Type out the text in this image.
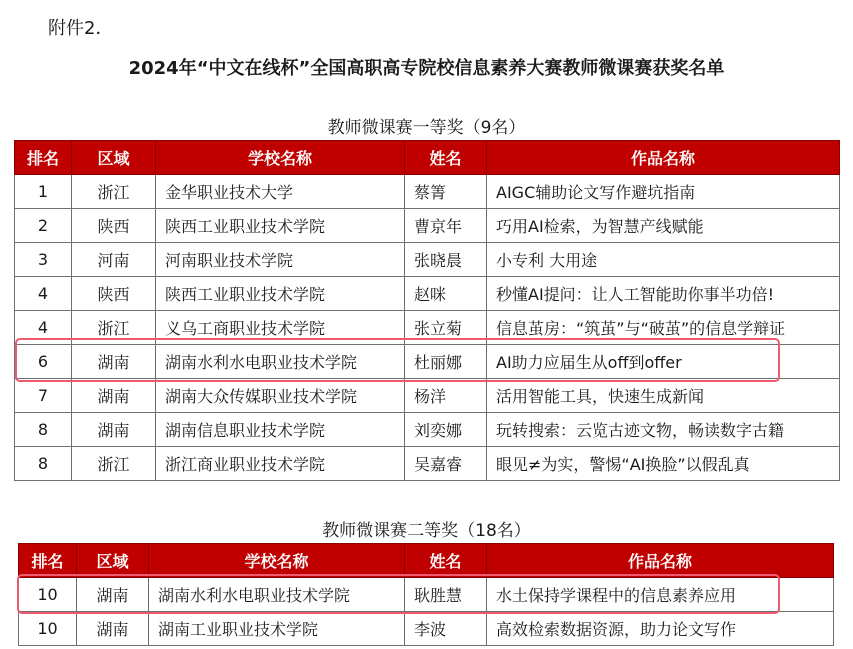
附件2．
2024年“中文在线杯”全国高职高专院校信息素养大赛教师微课赛获奖名单
教师微课赛一等奖（9名）
排名	区域	学校名称	姓名	作品名称
1	浙江	金华职业技术大学	蔡箐	AIGC辅助论文写作避坑指南
2	陕西	陕西工业职业技术学院	曹京年	巧用AI检索，为智慧产线赋能
3	河南	河南职业技术学院	张晓晨	小专利 大用途
4	陕西	陕西工业职业技术学院	赵咪	秒懂AI提问：让人工智能助你事半功倍!
4	浙江	义乌工商职业技术学院	张立菊	信息茧房：“筑茧”与“破茧”的信息学辩证
6	湖南	湖南水利水电职业技术学院	杜丽娜	AI助力应届生从off到offer
7	湖南	湖南大众传媒职业技术学院	杨洋	活用智能工具，快速生成新闻
8	湖南	湖南信息职业技术学院	刘奕娜	玩转搜索：云览古迹文物，畅读数字古籍
8	浙江	浙江商业职业技术学院	吴嘉睿	眼见≠为实，警惕“AI换脸”以假乱真
教师微课赛二等奖（18名）
排名	区域	学校名称	姓名	作品名称
10	湖南	湖南水利水电职业技术学院	耿胜慧	水土保持学课程中的信息素养应用
10	湖南	湖南工业职业技术学院	李波	高效检索数据资源，助力论文写作
